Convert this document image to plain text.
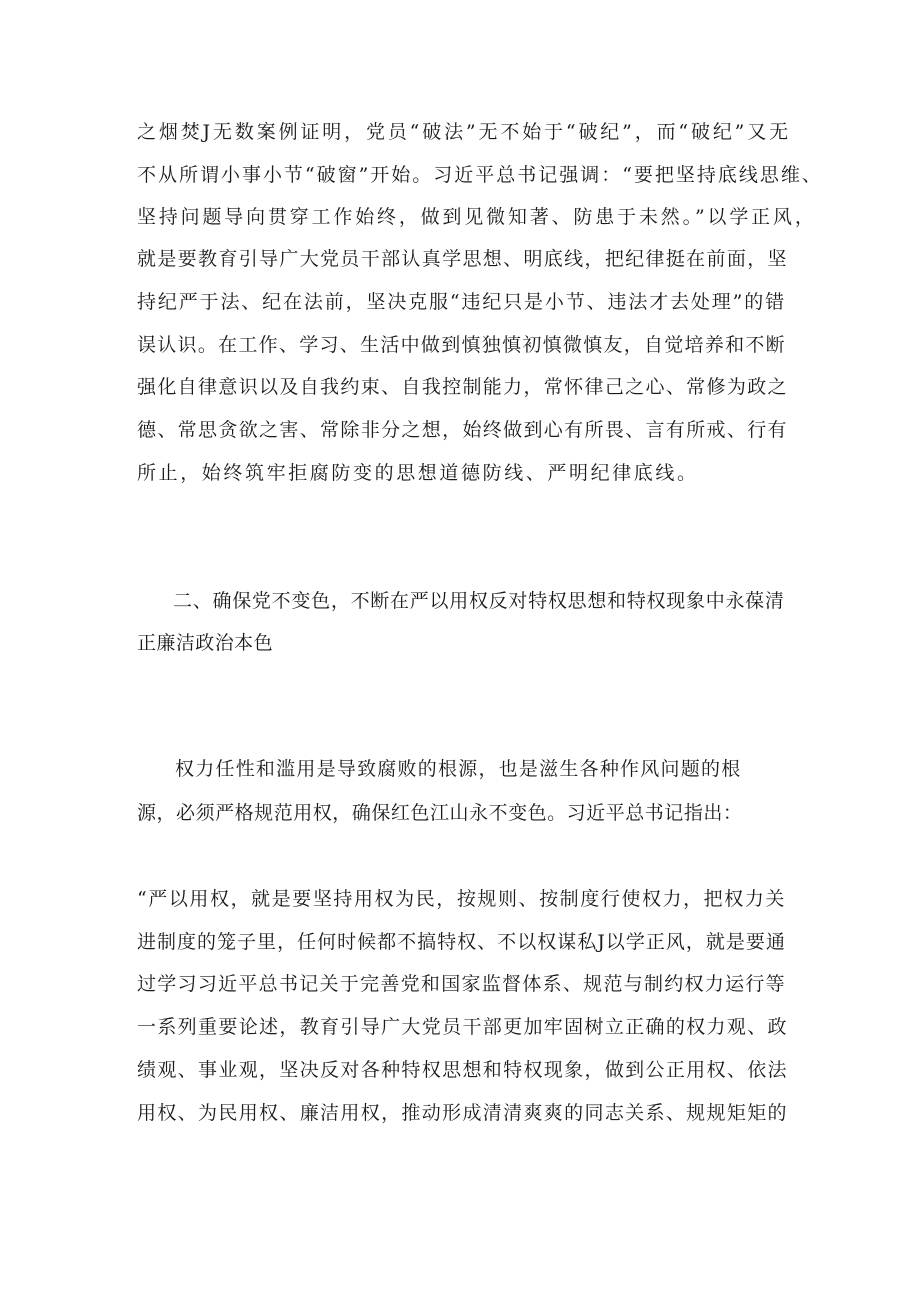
之烟焚J无数案例证明，党员“破法”无不始于“破纪”，而“破纪”又无
不从所谓小事小节“破窗”开始。习近平总书记强调：“要把坚持底线思维、
坚持问题导向贯穿工作始终，做到见微知著、防患于未然。”以学正风，
就是要教育引导广大党员干部认真学思想、明底线，把纪律挺在前面，坚
持纪严于法、纪在法前，坚决克服“违纪只是小节、违法才去处理”的错
误认识。在工作、学习、生活中做到慎独慎初慎微慎友，自觉培养和不断
强化自律意识以及自我约束、自我控制能力，常怀律己之心、常修为政之
德、常思贪欲之害、常除非分之想，始终做到心有所畏、言有所戒、行有
所止，始终筑牢拒腐防变的思想道德防线、严明纪律底线。
二、确保党不变色，不断在严以用权反对特权思想和特权现象中永葆清
正廉洁政治本色
权力任性和滥用是导致腐败的根源，也是滋生各种作风问题的根
源，必须严格规范用权，确保红色江山永不变色。习近平总书记指出：
“严以用权，就是要坚持用权为民，按规则、按制度行使权力，把权力关
进制度的笼子里，任何时候都不搞特权、不以权谋私J以学正风，就是要通
过学习习近平总书记关于完善党和国家监督体系、规范与制约权力运行等
一系列重要论述，教育引导广大党员干部更加牢固树立正确的权力观、政
绩观、事业观，坚决反对各种特权思想和特权现象，做到公正用权、依法
用权、为民用权、廉洁用权，推动形成清清爽爽的同志关系、规规矩矩的
